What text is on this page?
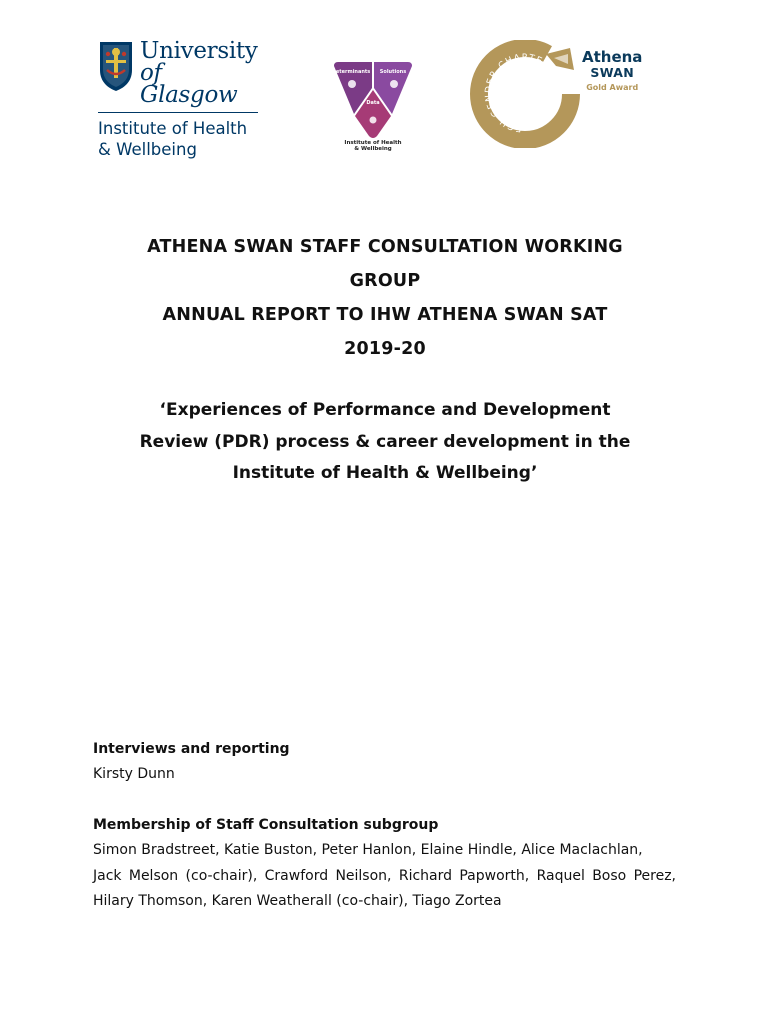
University
of Glasgow
Institute of Health
& Wellbeing
Determinants Solutions
Data
Institute of Health
& Wellbeing
ECU GENDER CHARTER Athena
SWAN
Gold Award
ATHENA SWAN STAFF CONSULTATION WORKING
GROUP
ANNUAL REPORT TO IHW ATHENA SWAN SAT
2019-20
‘Experiences of Performance and Development
Review (PDR) process & career development in the
Institute of Health & Wellbeing’
Interviews and reporting

Kirsty Dunn

Membership of Staff Consultation subgroup

Simon Bradstreet, Katie Buston, Peter Hanlon, Elaine Hindle, Alice Maclachlan,

Jack Melson (co-chair), Crawford Neilson, Richard Papworth, Raquel Boso Perez, Hilary Thomson, Karen Weatherall (co-chair), Tiago Zortea
